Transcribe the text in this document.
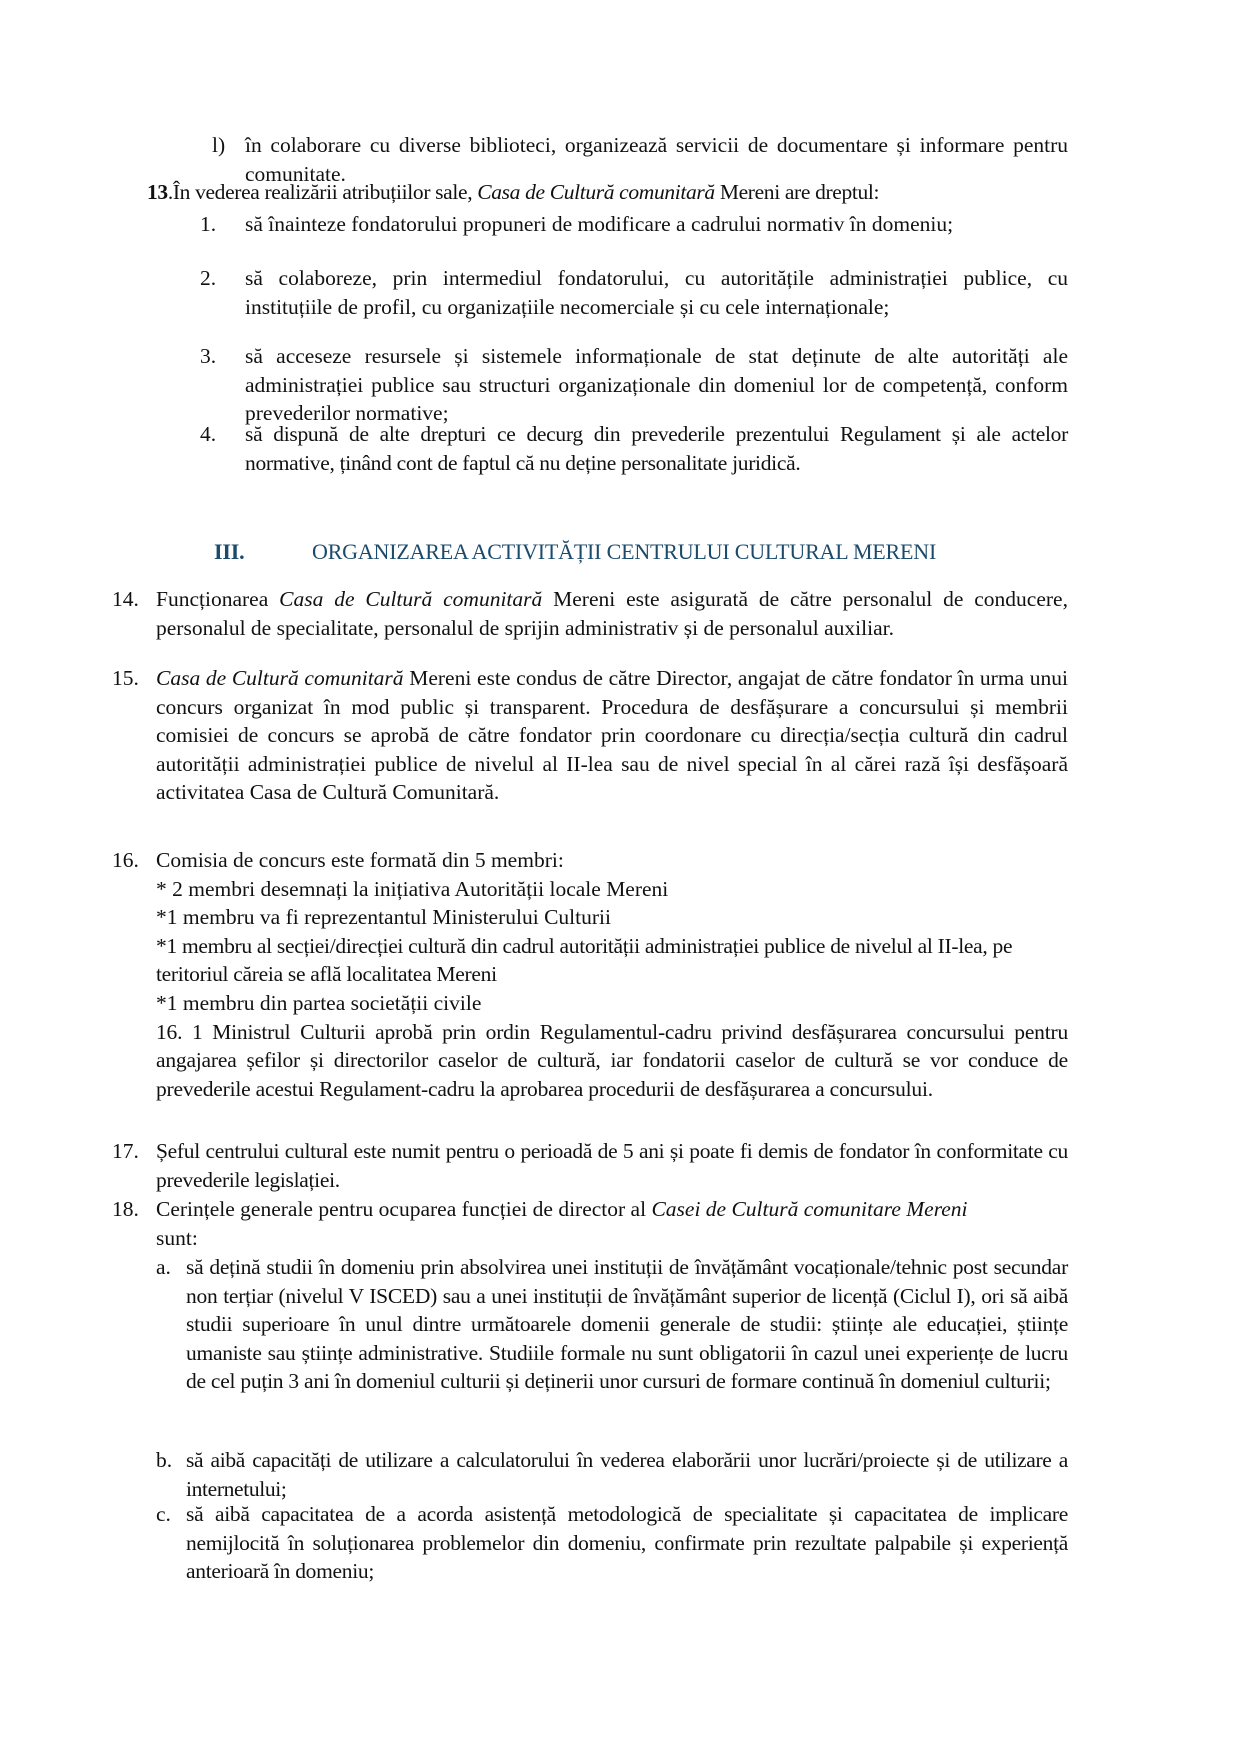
l) în colaborare cu diverse biblioteci, organizează servicii de documentare și informare pentru comunitate.
13.În vederea realizării atribuțiilor sale, Casa de Cultură comunitară Mereni are dreptul:
1.	să înainteze fondatorului propuneri de modificare a cadrului normativ în domeniu;
2.	să colaboreze, prin intermediul fondatorului, cu autoritățile administrației publice, cu instituțiile de profil, cu organizațiile necomerciale și cu cele internaționale;
3.	să acceseze resursele și sistemele informaționale de stat deținute de alte autorități ale administrației publice sau structuri organizaționale din domeniul lor de competență, conform prevederilor normative;
4.	să dispună de alte drepturi ce decurg din prevederile prezentului Regulament și ale actelor normative, ținând cont de faptul că nu deține personalitate juridică.
III.	ORGANIZAREA ACTIVITĂȚII CENTRULUI CULTURAL MERENI
14. Funcționarea Casa de Cultură comunitară Mereni este asigurată de către personalul de conducere, personalul de specialitate, personalul de sprijin administrativ și de personalul auxiliar.
15. Casa de Cultură comunitară Mereni este condus de către Director, angajat de către fondator în urma unui concurs organizat în mod public și transparent. Procedura de desfășurare a concursului și membrii comisiei de concurs se aprobă de către fondator prin coordonare cu direcția/secția cultură din cadrul autorității administrației publice de nivelul al II-lea sau de nivel special în al cărei rază își desfășoară activitatea Casa de Cultură Comunitară.
16. Comisia de concurs este formată din 5 membri:
* 2 membri desemnați la inițiativa Autorității locale Mereni
*1 membru va fi reprezentantul Ministerului Culturii
*1 membru al secției/direcției cultură din cadrul autorității administrației publice de nivelul al II-lea, pe teritoriul căreia se află localitatea Mereni
*1 membru din partea societății civile
16. 1 Ministrul Culturii aprobă prin ordin Regulamentul-cadru privind desfășurarea concursului pentru angajarea șefilor și directorilor caselor de cultură, iar fondatorii caselor de cultură se vor conduce de prevederile acestui Regulament-cadru la aprobarea procedurii de desfășurarea a concursului.
17. Șeful centrului cultural este numit pentru o perioadă de 5 ani și poate fi demis de fondator în conformitate cu prevederile legislației.
18. Cerințele generale pentru ocuparea funcției de director al Casei de Cultură comunitare Mereni sunt:
a. să dețină studii în domeniu prin absolvirea unei instituții de învățământ vocaționale/tehnic post secundar non terțiar (nivelul V ISCED) sau a unei instituții de învățământ superior de licență (Ciclul I), ori să aibă studii superioare în unul dintre următoarele domenii generale de studii: științe ale educației, științe umaniste sau științe administrative. Studiile formale nu sunt obligatorii în cazul unei experiențe de lucru de cel puțin 3 ani în domeniul culturii și deținerii unor cursuri de formare continuă în domeniul culturii;
b. să aibă capacități de utilizare a calculatorului în vederea elaborării unor lucrări/proiecte și de utilizare a internetului;
c. să aibă capacitatea de a acorda asistență metodologică de specialitate și capacitatea de implicare nemijlocită în soluționarea problemelor din domeniu, confirmate prin rezultate palpabile și experiență anterioară în domeniu;
